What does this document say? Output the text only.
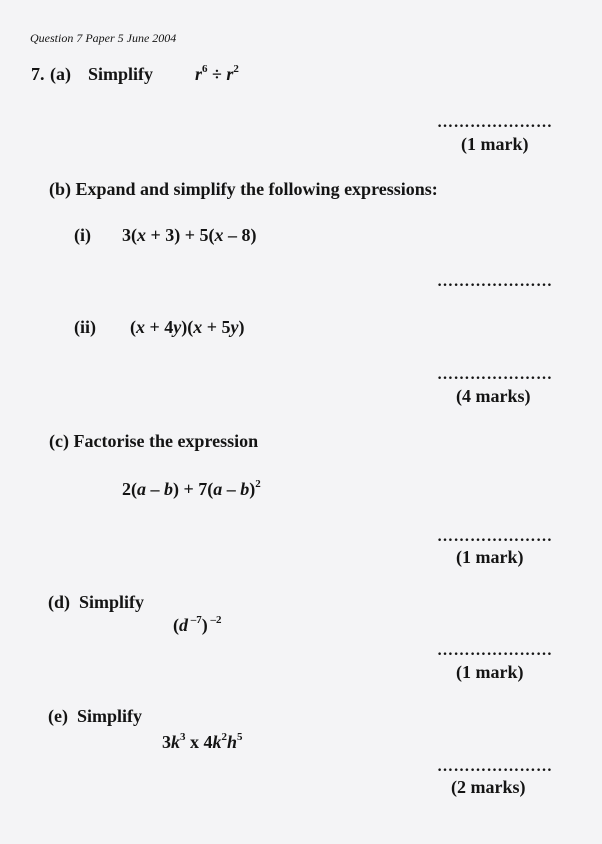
Question 7 Paper 5 June 2004
7. (a) Simplify $r^6 \div r^2$
…………………
(1 mark)
(b) Expand and simplify the following expressions:
(i) 3(x + 3) + 5(x – 8)
…………………
(ii) (x + 4y)(x + 5y)
…………………
(4 marks)
(c) Factorise the expression
2(a – b) + 7(a – b)$^2$
…………………
(1 mark)
(d) Simplify
(d $^{-7}$) $^{-2}$
…………………
(1 mark)
(e) Simplify
$3k^3$ x $4k^2h^5$
…………………
(2 marks)
